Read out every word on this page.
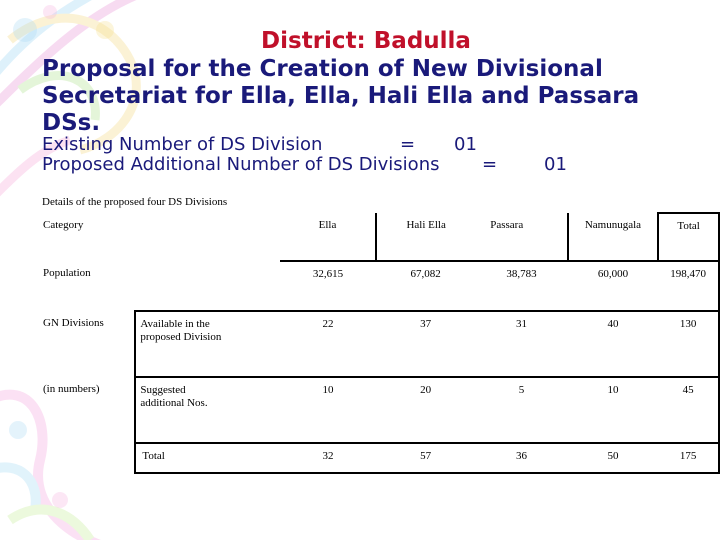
District: Badulla
Proposal for the Creation of New Divisional Secretariat for Ella, Ella, Hali Ella and Passara DSs.
Existing Number of DS Division	= 01
Proposed Additional Number of DS Divisions =	01
Details of the proposed four DS Divisions
Category		Ella	Hali Ella	Passara	Namunugala	Total
Population		32,615	67,082	38,783	60,000	198,470
GN Divisions	Available in the proposed Division	22	37	31	40	130
(in numbers)	Suggested additional Nos.	10	20	5	10	45
	Total	32	57	36	50	175
